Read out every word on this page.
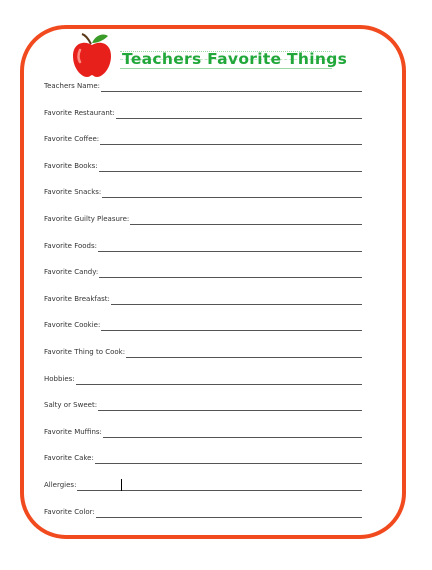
Teachers Favorite Things
Teachers Name:
Favorite Restaurant:
Favorite Coffee:
Favorite Books:
Favorite Snacks:
Favorite Guilty Pleasure:
Favorite Foods:
Favorite Candy:
Favorite Breakfast:
Favorite Cookie:
Favorite Thing to Cook:
Hobbies:
Salty or Sweet:
Favorite Muffins:
Favorite Cake:
Allergies:
Favorite Color:
